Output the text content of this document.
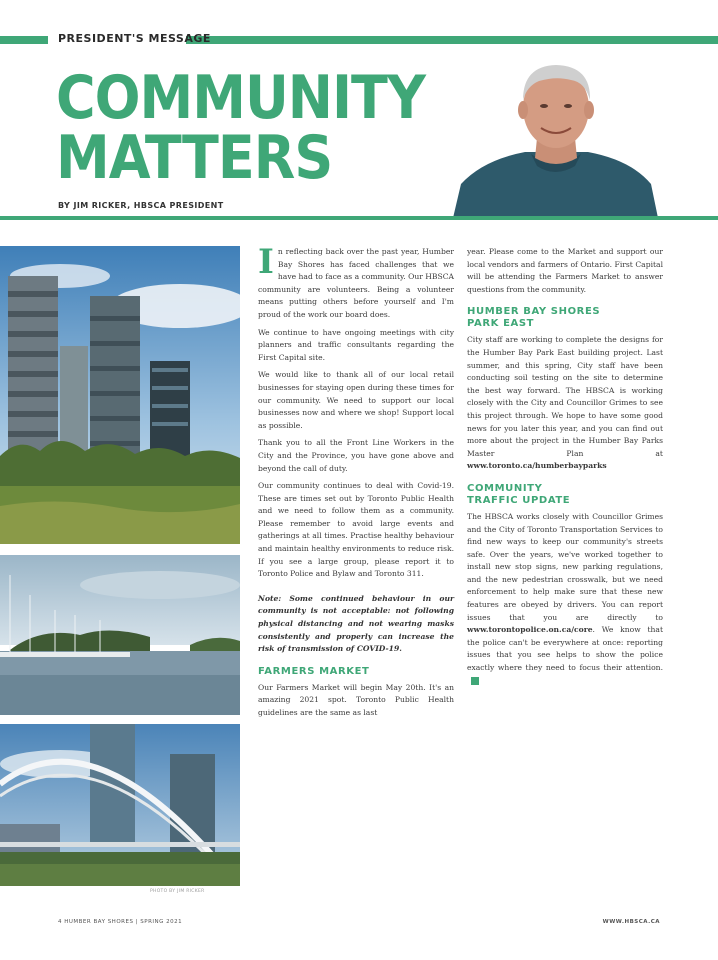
PRESIDENT'S MESSAGE
COMMUNITY
MATTERS
BY JIM RICKER, HBSCA PRESIDENT
PHOTO BY JIM RICKER

In reflecting back over the past year, Humber Bay Shores has faced challenges that we have had to face as a community. Our HBSCA community are volunteers. Being a volunteer means putting others before yourself and I'm proud of the work our board does.

We continue to have ongoing meetings with city planners and traffic consultants regarding the First Capital site.

We would like to thank all of our local retail businesses for staying open during these times for our community. We need to support our local businesses now and where we shop! Support local as possible.

Thank you to all the Front Line Workers in the City and the Province, you have gone above and beyond the call of duty.

Our community continues to deal with Covid-19. These are times set out by Toronto Public Health and we need to follow them as a community. Please remember to avoid large events and gatherings at all times. Practise healthy behaviour and maintain healthy environments to reduce risk. If you see a large group, please report it to Toronto Police and Bylaw and Toronto 311.

Note: Some continued behaviour in our community is not acceptable: not following physical distancing and not wearing masks consistently and properly can increase the risk of transmission of COVID-19.

FARMERS MARKET

Our Farmers Market will begin May 20th. It's an amazing 2021 spot. Toronto Public Health guidelines are the same as last

year. Please come to the Market and support our local vendors and farmers of Ontario. First Capital will be attending the Farmers Market to answer questions from the community.

HUMBER BAY SHORES
PARK EAST

City staff are working to complete the designs for the Humber Bay Park East building project. Last summer, and this spring, City staff have been conducting soil testing on the site to determine the best way forward. The HBSCA is working closely with the City and Councillor Grimes to see this project through. We hope to have some good news for you later this year, and you can find out more about the project in the Humber Bay Parks Master Plan at www.toronto.ca/humberbayparks

COMMUNITY
TRAFFIC UPDATE

The HBSCA works closely with Councillor Grimes and the City of Toronto Transportation Services to find new ways to keep our community's streets safe. Over the years, we've worked together to install new stop signs, new parking regulations, and the new pedestrian crosswalk, but we need enforcement to help make sure that these new features are obeyed by drivers. You can report issues that you are directly to www.torontopolice.on.ca/core. We know that the police can't be everywhere at once: reporting issues that you see helps to show the police exactly where they need to focus their attention.

4 HUMBER BAY SHORES | SPRING 2021	WWW.HBSCA.CA
